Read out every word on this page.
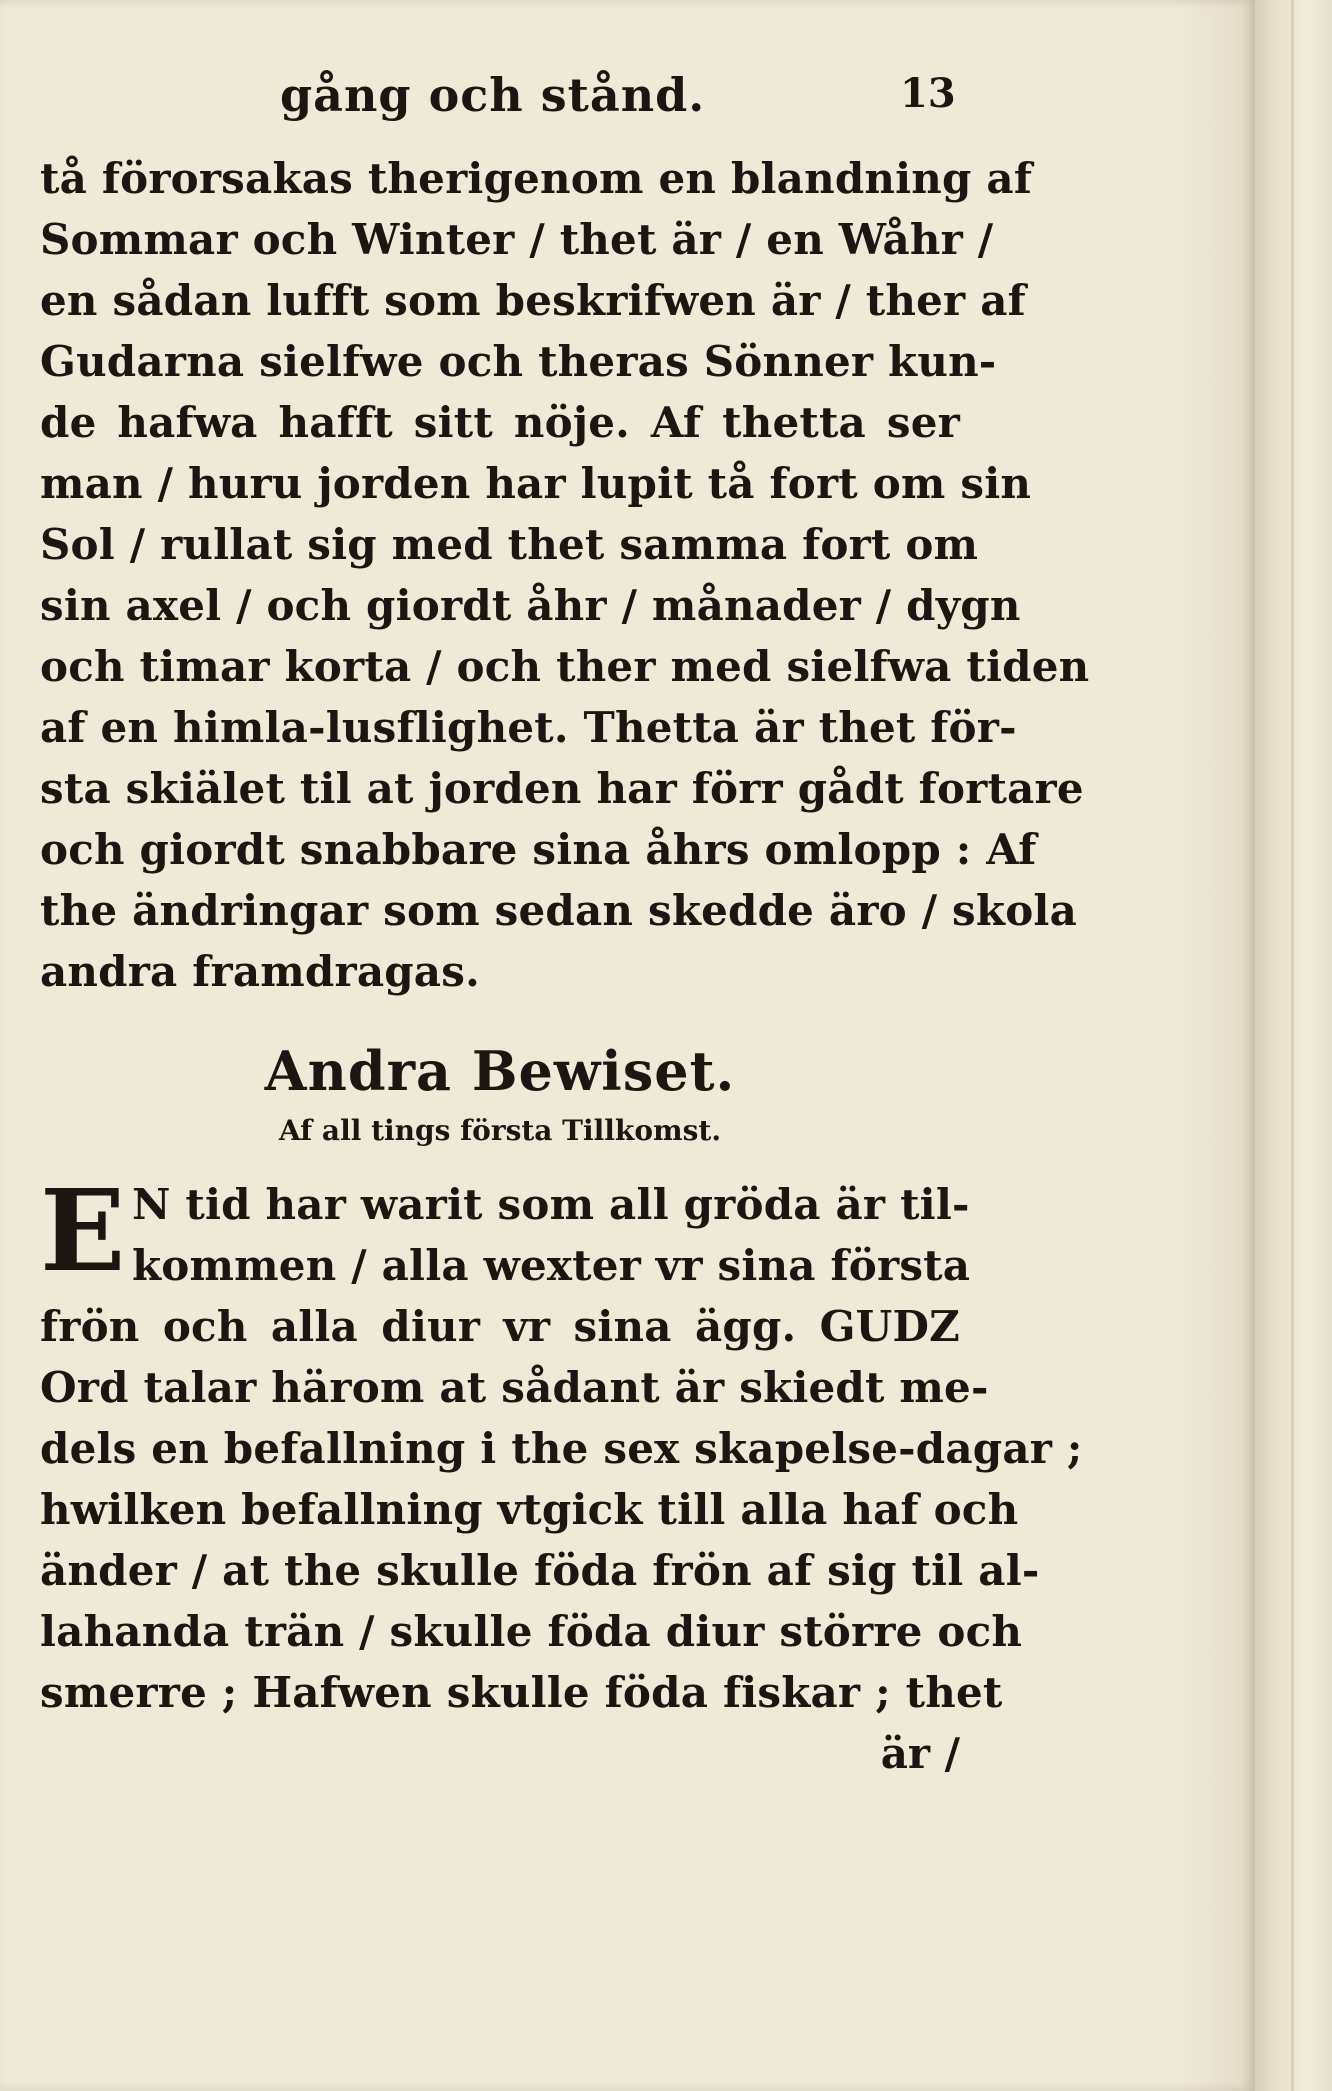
gång och stånd.	13
tå förorsakas therigenom en blandning af
Sommar och Winter / thet är / en Wåhr /
en sådan lufft som beskrifwen är / ther af
Gudarna sielfwe och theras Sönner kun-
de hafwa hafft sitt nöje. Af thetta ser
man / huru jorden har lupit tå fort om sin
Sol / rullat sig med thet samma fort om
sin axel / och giordt åhr / månader / dygn
och timar korta / och ther med sielfwa tiden
af en himla-lusflighet. Thetta är thet för-
sta skiälet til at jorden har förr gådt fortare
och giordt snabbare sina åhrs omlopp : Af
the ändringar som sedan skedde äro / skola
andra framdragas.
Andra Bewiset.
Af all tings första Tillkomst.
E N tid har warit som all gröda är til-
kommen / alla wexter vr sina första
frön och alla diur vr sina ägg. GUDZ
Ord talar härom at sådant är skiedt me-
dels en befallning i the sex skapelse-dagar ;
hwilken befallning vtgick till alla haf och
änder / at the skulle föda frön af sig til al-
lahanda trän / skulle föda diur större och
smerre ; Hafwen skulle föda fiskar ; thet
är /
